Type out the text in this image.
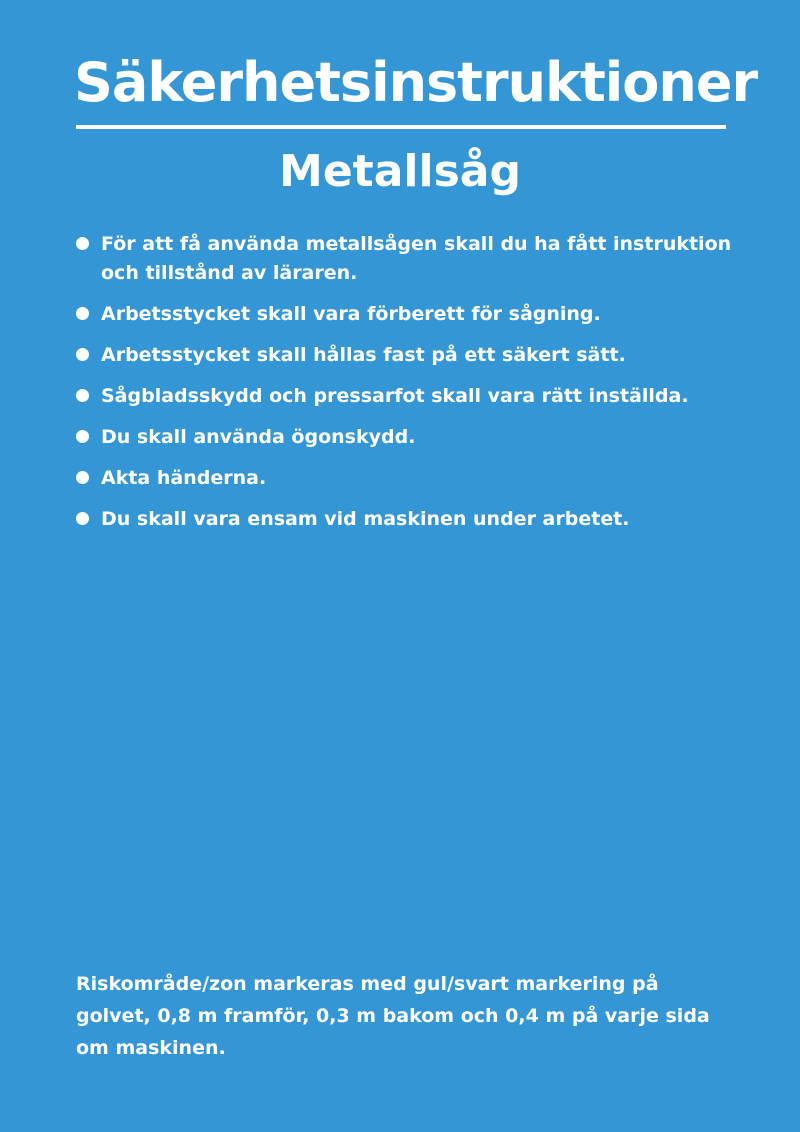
Säkerhetsinstruktioner
Metallsåg
För att få använda metallsågen skall du ha fått instruktion och tillstånd av läraren.
Arbetsstycket skall vara förberett för sågning.
Arbetsstycket skall hållas fast på ett säkert sätt.
Sågbladsskydd och pressarfot skall vara rätt inställda.
Du skall använda ögonskydd.
Akta händerna.
Du skall vara ensam vid maskinen under arbetet.

Riskområde/zon markeras med gul/svart markering på golvet, 0,8 m framför, 0,3 m bakom och 0,4 m på varje sida om maskinen.
